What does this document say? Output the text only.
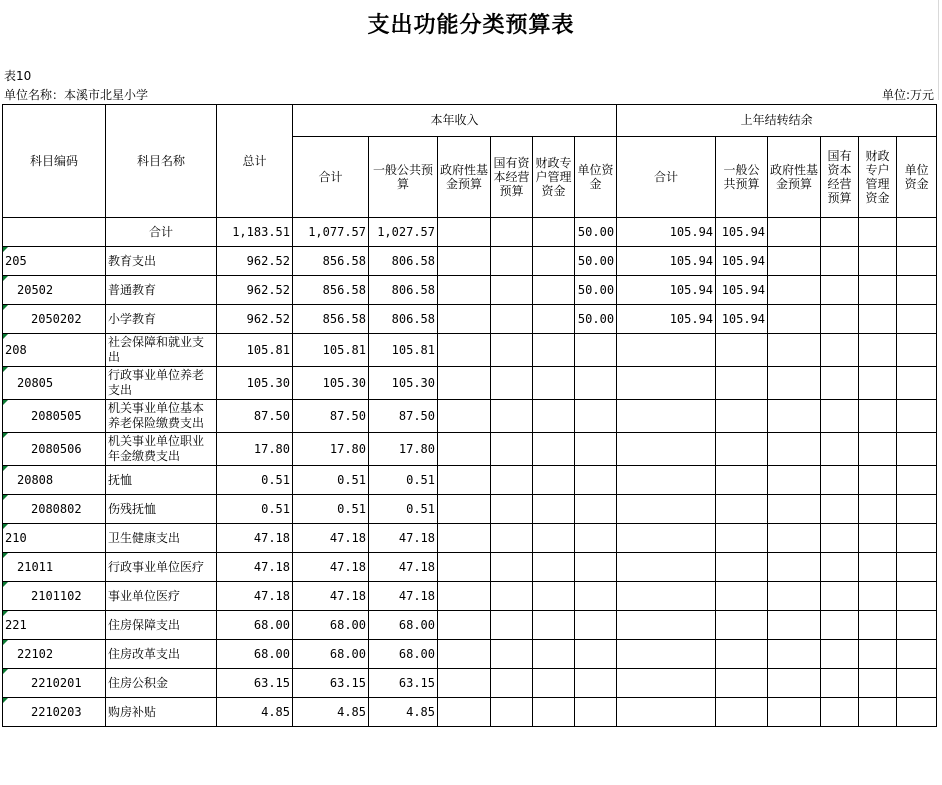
支出功能分类预算表
表10
单位名称：本溪市北星小学	单位:万元
科目编码	科目名称	总计	本年收入						上年结转结余					
			合计	一般公共预算	政府性基金预算	国有资本经营预算	财政专户管理资金	单位资金	合计	一般公共预算	政府性基金预算	国有资本经营预算	财政专户管理资金	单位资金
	合计	1,183.51	1,077.57	1,027.57				50.00	105.94	105.94				

205	教育支出	962.52	856.58	806.58				50.00	105.94	105.94				

20502	普通教育	962.52	856.58	806.58				50.00	105.94	105.94				

2050202	小学教育	962.52	856.58	806.58				50.00	105.94	105.94				

208	社会保障和就业支出	105.81	105.81	105.81										

20805	行政事业单位养老支出	105.30	105.30	105.30										

2080505	机关事业单位基本养老保险缴费支出	87.50	87.50	87.50										

2080506	机关事业单位职业年金缴费支出	17.80	17.80	17.80										

20808	抚恤	0.51	0.51	0.51										

2080802	伤残抚恤	0.51	0.51	0.51										

210	卫生健康支出	47.18	47.18	47.18										

21011	行政事业单位医疗	47.18	47.18	47.18										

2101102	事业单位医疗	47.18	47.18	47.18										

221	住房保障支出	68.00	68.00	68.00										

22102	住房改革支出	68.00	68.00	68.00										

2210201	住房公积金	63.15	63.15	63.15										

2210203	购房补贴	4.85	4.85	4.85										
